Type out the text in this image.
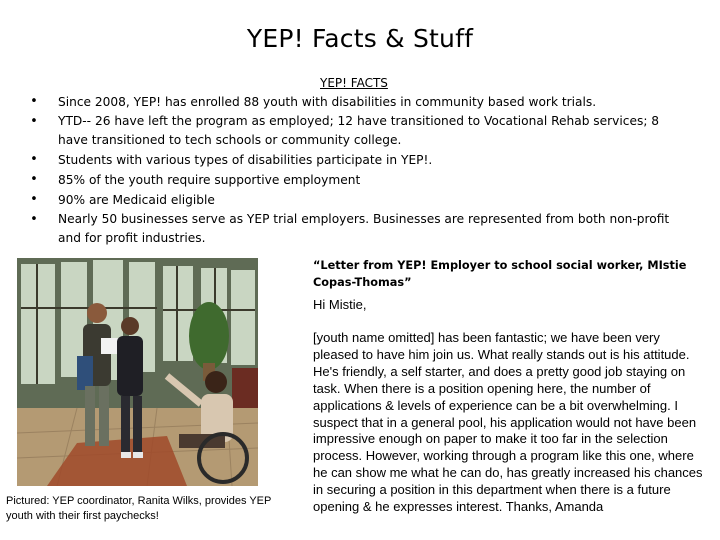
YEP! Facts & Stuff
YEP! FACTS
• Since 2008, YEP! has enrolled 88 youth with disabilities in community based work trials.
• YTD-- 26 have left the program as employed; 12 have transitioned to Vocational Rehab services; 8 have transitioned to tech schools or community college.
• Students with various types of disabilities participate in YEP!.
• 85% of the youth require supportive employment
• 90% are Medicaid eligible
• Nearly 50 businesses serve as YEP trial employers. Businesses are represented from both non-profit and for profit industries.
Pictured: YEP coordinator, Ranita Wilks, provides YEP youth with their first paychecks!
“Letter from YEP! Employer to school social worker, MIstie Copas-Thomas”
Hi Mistie,
[youth name omitted] has been fantastic; we have been very pleased to have him join us. What really stands out is his attitude. He's friendly, a self starter, and does a pretty good job staying on task. When there is a position opening here, the number of applications & levels of experience can be a bit overwhelming. I suspect that in a general pool, his application would not have been impressive enough on paper to make it too far in the selection process. However, working through a program like this one, where he can show me what he can do, has greatly increased his chances in securing a position in this department when there is a future opening & he expresses interest. Thanks, Amanda
